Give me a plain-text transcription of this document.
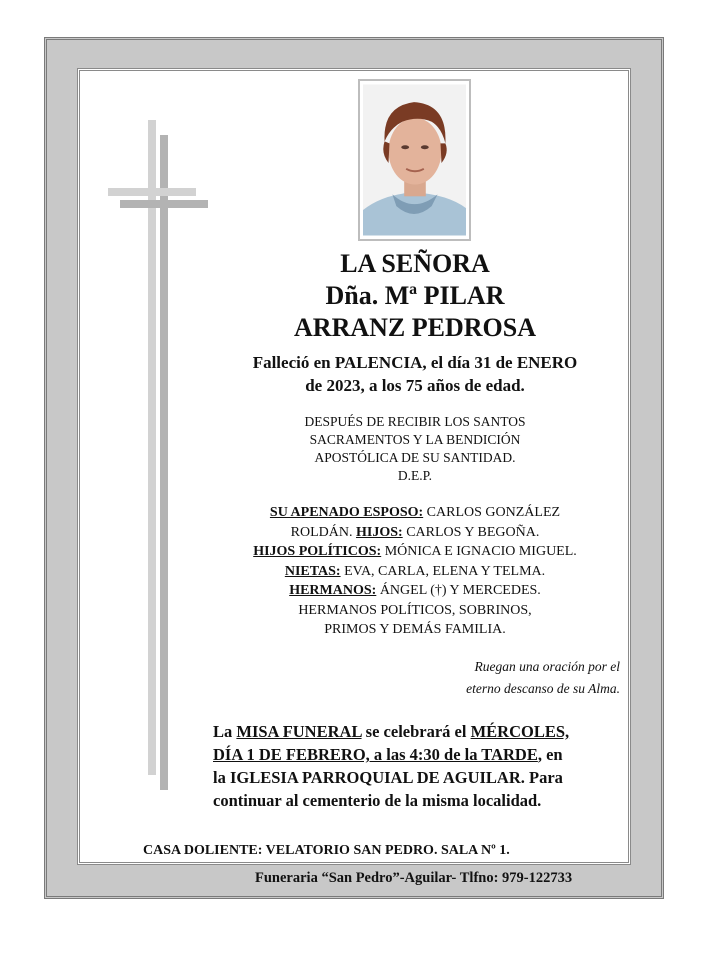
LA SEÑORA
Dña. Mª PILAR
ARRANZ PEDROSA
Falleció en PALENCIA, el día 31 de ENERO
de 2023, a los 75 años de edad.
DESPUÉS DE RECIBIR LOS SANTOS
SACRAMENTOS Y LA BENDICIÓN
APOSTÓLICA DE SU SANTIDAD.
D.E.P.
SU APENADO ESPOSO: CARLOS GONZÁLEZ
ROLDÁN. HIJOS: CARLOS Y BEGOÑA.
HIJOS POLÍTICOS: MÓNICA E IGNACIO MIGUEL.
NIETAS: EVA, CARLA, ELENA Y TELMA.
HERMANOS: ÁNGEL (†) Y MERCEDES.
HERMANOS POLÍTICOS, SOBRINOS,
PRIMOS Y DEMÁS FAMILIA.
Ruegan una oración por el
eterno descanso de su Alma.
La MISA FUNERAL se celebrará el MÉRCOLES,
DÍA 1 DE FEBRERO, a las 4:30 de la TARDE, en
la IGLESIA PARROQUIAL DE AGUILAR. Para
continuar al cementerio de la misma localidad.
CASA DOLIENTE: VELATORIO SAN PEDRO. SALA Nº 1.
Funeraria “San Pedro”-Aguilar- Tlfno: 979-122733
